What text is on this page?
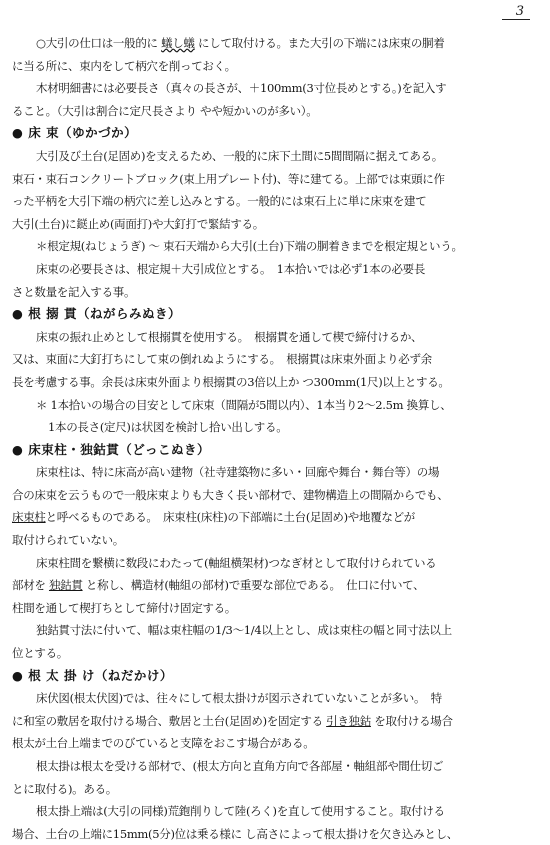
3
○大引の仕口は一般的に 蟻し蟻 にして取付ける。また大引の下端には床束の胴着
に当る所に、束内をして柄穴を削っておく。
木材明細書には必要長さ（真々の長さが、＋100mm(3寸位長めとする。)を記入す
ること。（大引は割合に定尺長さより やや短かいのが多い）。
● 床 束（ゆかづか）
大引及び土台(足固め)を支えるため、一般的に床下土間に5間間隔に据えてある。
束石・束石コンクリートブロック(束上用プレート付)、等に建てる。上部では束頭に作
った平柄を大引下端の柄穴に差し込みとする。一般的には束石上に単に床束を建て
大引(土台)に鎹止め(両面打)や大釘打で緊結する。
＊根定規(ねじょうぎ) 〜 束石天端から大引(土台)下端の胴着きまでを根定規という。
床束の必要長さは、根定規＋大引成位とする。　1本拾いでは必ず1本の必要長
さと数量を記入する事。
● 根 搦 貫（ねがらみぬき）
床束の振れ止めとして根搦貫を使用する。　根搦貫を通して楔で締付けるか、
又は、束面に大釘打ちにして束の倒れぬようにする。　根搦貫は床束外面より必ず余
長を考慮する事。余長は床束外面より根搦貫の3倍以上か つ300mm(1尺)以上とする。
＊ 1本拾いの場合の目安として床束（間隔が5間以内）、1本当り2〜2.5m 換算し、
1本の長さ(定尺)は状図を検討し拾い出しする。
● 床束柱・独鈷貫（どっこぬき）
床束柱は、特に床高が高い建物（社寺建築物に多い・回廊や舞台・舞台等）の場
合の床束を云うもので一般床束よりも大きく長い部材で、建物構造上の間隔からでも、
床束柱と呼べるものである。　床束柱(床柱)の下部端に土台(足固め)や地覆などが
取付けられていない。
床束柱間を繋横に数段にわたって(軸組横架材)つなぎ材として取付けられている
部材を 独鈷貫 と称し、構造材(軸組の部材)で重要な部位である。　仕口に付いて、
柱間を通して楔打ちとして締付け固定する。
独鈷貫寸法に付いて、幅は束柱幅の1/3〜1/4以上とし、成は束柱の幅と同寸法以上
位とする。
● 根 太 掛 け（ねだかけ）
床伏図(根太伏図)では、往々にして根太掛けが図示されていないことが多い。　特
に和室の敷居を取付ける場合、敷居と土台(足固め)を固定する 引き独鈷 を取付ける場合
根太が土台上端までのびていると支障をおこす場合がある。
根太掛は根太を受ける部材で、(根太方向と直角方向で各部屋・軸組部や間仕切ご
とに取付る)。ある。
根太掛上端は(大引の同様)荒鉋削りして陸(ろく)を直して使用すること。取付ける
場合、土台の上端に15mm(5分)位は乗る様に し高さによって根太掛けを欠き込みとし、
